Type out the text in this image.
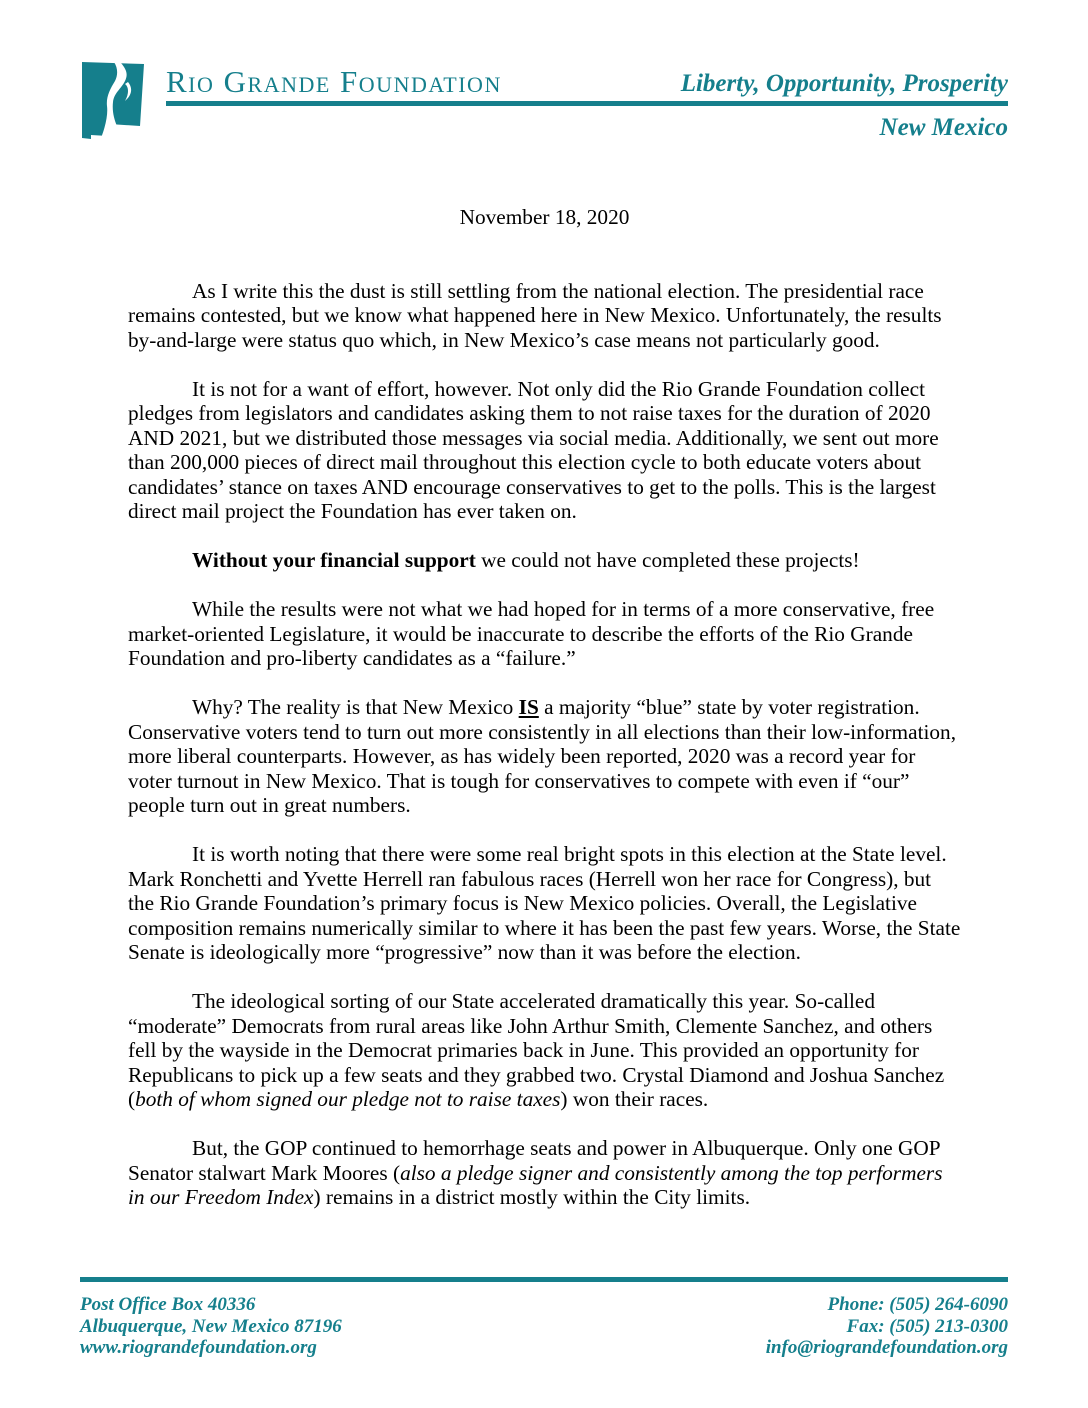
Rio Grande Foundation	Liberty, Opportunity, Prosperity
New Mexico

November 18, 2020

As I write this the dust is still settling from the national election. The presidential race remains contested, but we know what happened here in New Mexico. Unfortunately, the results by-and-large were status quo which, in New Mexico’s case means not particularly good.

It is not for a want of effort, however. Not only did the Rio Grande Foundation collect pledges from legislators and candidates asking them to not raise taxes for the duration of 2020 AND 2021, but we distributed those messages via social media. Additionally, we sent out more than 200,000 pieces of direct mail throughout this election cycle to both educate voters about candidates’ stance on taxes AND encourage conservatives to get to the polls. This is the largest direct mail project the Foundation has ever taken on.

Without your financial support we could not have completed these projects!

While the results were not what we had hoped for in terms of a more conservative, free market-oriented Legislature, it would be inaccurate to describe the efforts of the Rio Grande Foundation and pro-liberty candidates as a “failure.”

Why? The reality is that New Mexico IS a majority “blue” state by voter registration. Conservative voters tend to turn out more consistently in all elections than their low-information, more liberal counterparts. However, as has widely been reported, 2020 was a record year for voter turnout in New Mexico. That is tough for conservatives to compete with even if “our” people turn out in great numbers.

It is worth noting that there were some real bright spots in this election at the State level. Mark Ronchetti and Yvette Herrell ran fabulous races (Herrell won her race for Congress), but the Rio Grande Foundation’s primary focus is New Mexico policies. Overall, the Legislative composition remains numerically similar to where it has been the past few years. Worse, the State Senate is ideologically more “progressive” now than it was before the election.

The ideological sorting of our State accelerated dramatically this year. So-called “moderate” Democrats from rural areas like John Arthur Smith, Clemente Sanchez, and others fell by the wayside in the Democrat primaries back in June. This provided an opportunity for Republicans to pick up a few seats and they grabbed two. Crystal Diamond and Joshua Sanchez (both of whom signed our pledge not to raise taxes) won their races.

But, the GOP continued to hemorrhage seats and power in Albuquerque. Only one GOP Senator stalwart Mark Moores (also a pledge signer and consistently among the top performers in our Freedom Index) remains in a district mostly within the City limits.

Post Office Box 40336
Albuquerque, New Mexico 87196
www.riograndefoundation.org
Phone: (505) 264-6090
Fax: (505) 213-0300
info@riograndefoundation.org
